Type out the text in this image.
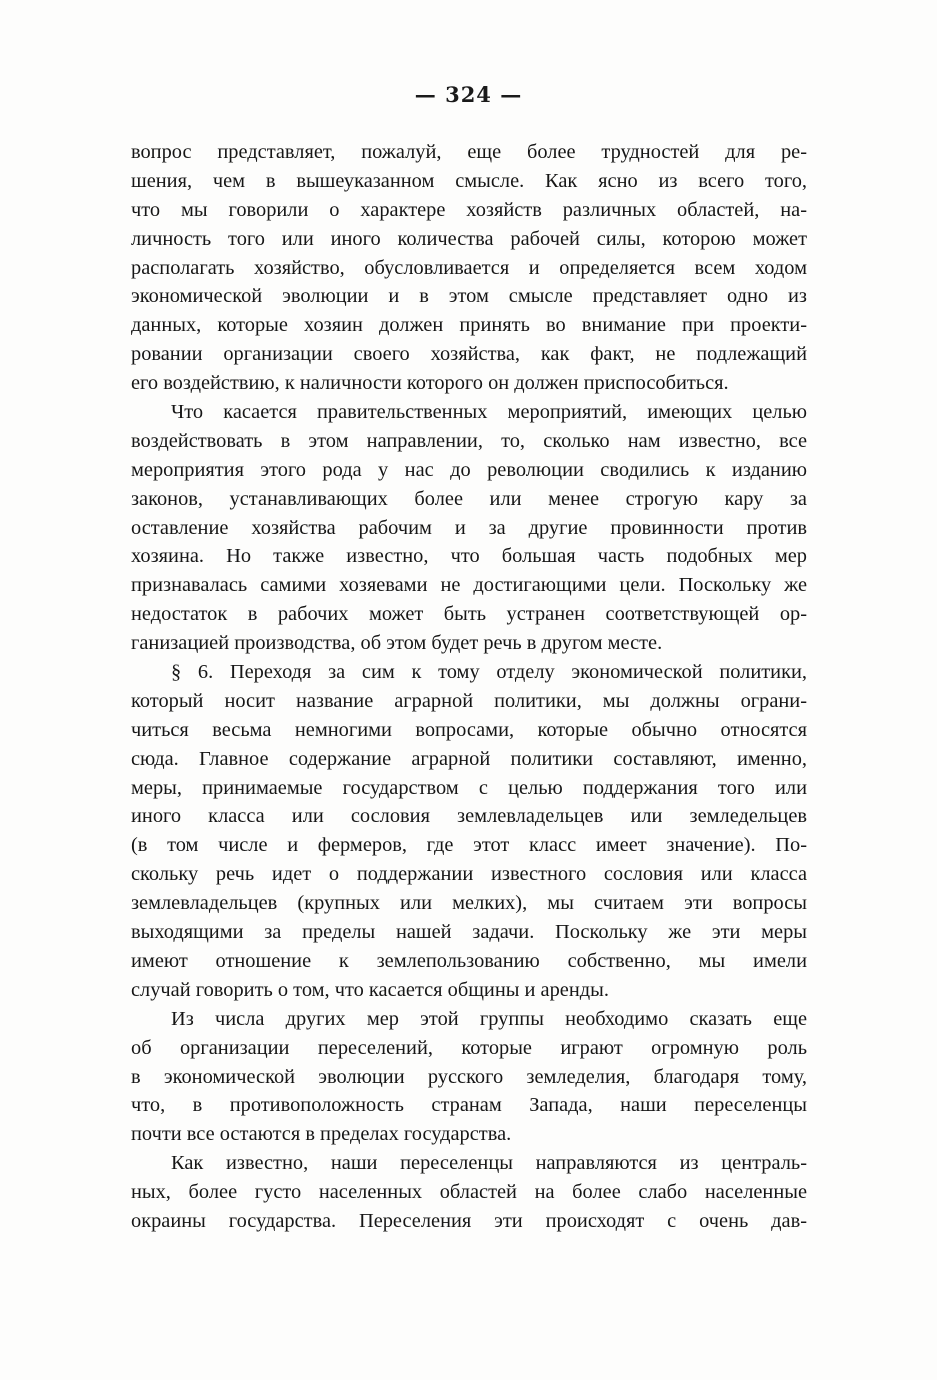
— 324 —
вопрос представляет, пожалуй, еще более трудностей для ре-
шения, чем в вышеуказанном смысле. Как ясно из всего того,
что мы говорили о характере хозяйств различных областей, на-
личность того или иного количества рабочей силы, которою может
располагать хозяйство, обусловливается и определяется всем ходом
экономической эволюции и в этом смысле представляет одно из
данных, которые хозяин должен принять во внимание при проекти-
ровании организации своего хозяйства, как факт, не подлежащий
его воздействию, к наличности которого он должен приспособиться.
Что касается правительственных мероприятий, имеющих целью
воздействовать в этом направлении, то, сколько нам известно, все
мероприятия этого рода у нас до революции сводились к изданию
законов, устанавливающих более или менее строгую кару за
оставление хозяйства рабочим и за другие провинности против
хозяина. Но также известно, что большая часть подобных мер
признавалась самими хозяевами не достигающими цели. Поскольку же
недостаток в рабочих может быть устранен соответствующей ор-
ганизацией производства, об этом будет речь в другом месте.
§ 6. Переходя за сим к тому отделу экономической политики,
который носит название аграрной политики, мы должны ограни-
читься весьма немногими вопросами, которые обычно относятся
сюда. Главное содержание аграрной политики составляют, именно,
меры, принимаемые государством с целью поддержания того или
иного класса или сословия землевладельцев или земледельцев
(в том числе и фермеров, где этот класс имеет значение). По-
скольку речь идет о поддержании известного сословия или класса
землевладельцев (крупных или мелких), мы считаем эти вопросы
выходящими за пределы нашей задачи. Поскольку же эти меры
имеют отношение к землепользованию собственно, мы имели
случай говорить о том, что касается общины и аренды.
Из числа других мер этой группы необходимо сказать еще
об организации переселений, которые играют огромную роль
в экономической эволюции русского земледелия, благодаря тому,
что, в противоположность странам Запада, наши переселенцы
почти все остаются в пределах государства.
Как известно, наши переселенцы направляются из централь-
ных, более густо населенных областей на более слабо населенные
окраины государства. Переселения эти происходят с очень дав-
